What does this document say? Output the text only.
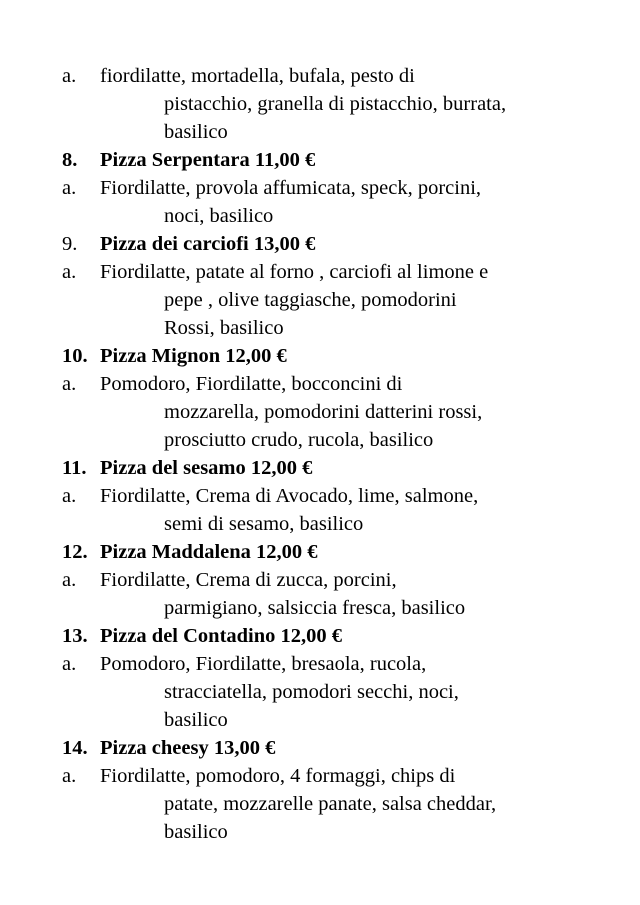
a. fiordilatte, mortadella, bufala, pesto di
pistacchio, granella di pistacchio, burrata,
basilico
8. Pizza Serpentara 11,00 €
a. Fiordilatte, provola affumicata, speck, porcini,
noci, basilico
9. Pizza dei carciofi 13,00 €
a. Fiordilatte, patate al forno , carciofi al limone e
pepe , olive taggiasche, pomodorini
Rossi, basilico
10. Pizza Mignon 12,00 €
a. Pomodoro, Fiordilatte, bocconcini di
mozzarella, pomodorini datterini rossi,
prosciutto crudo, rucola, basilico
11. Pizza del sesamo 12,00 €
a. Fiordilatte, Crema di Avocado, lime, salmone,
semi di sesamo, basilico
12. Pizza Maddalena 12,00 €
a. Fiordilatte, Crema di zucca, porcini,
parmigiano, salsiccia fresca, basilico
13. Pizza del Contadino 12,00 €
a. Pomodoro, Fiordilatte, bresaola, rucola,
stracciatella, pomodori secchi, noci,
basilico
14. Pizza cheesy 13,00 €
a. Fiordilatte, pomodoro, 4 formaggi, chips di
patate, mozzarelle panate, salsa cheddar,
basilico
